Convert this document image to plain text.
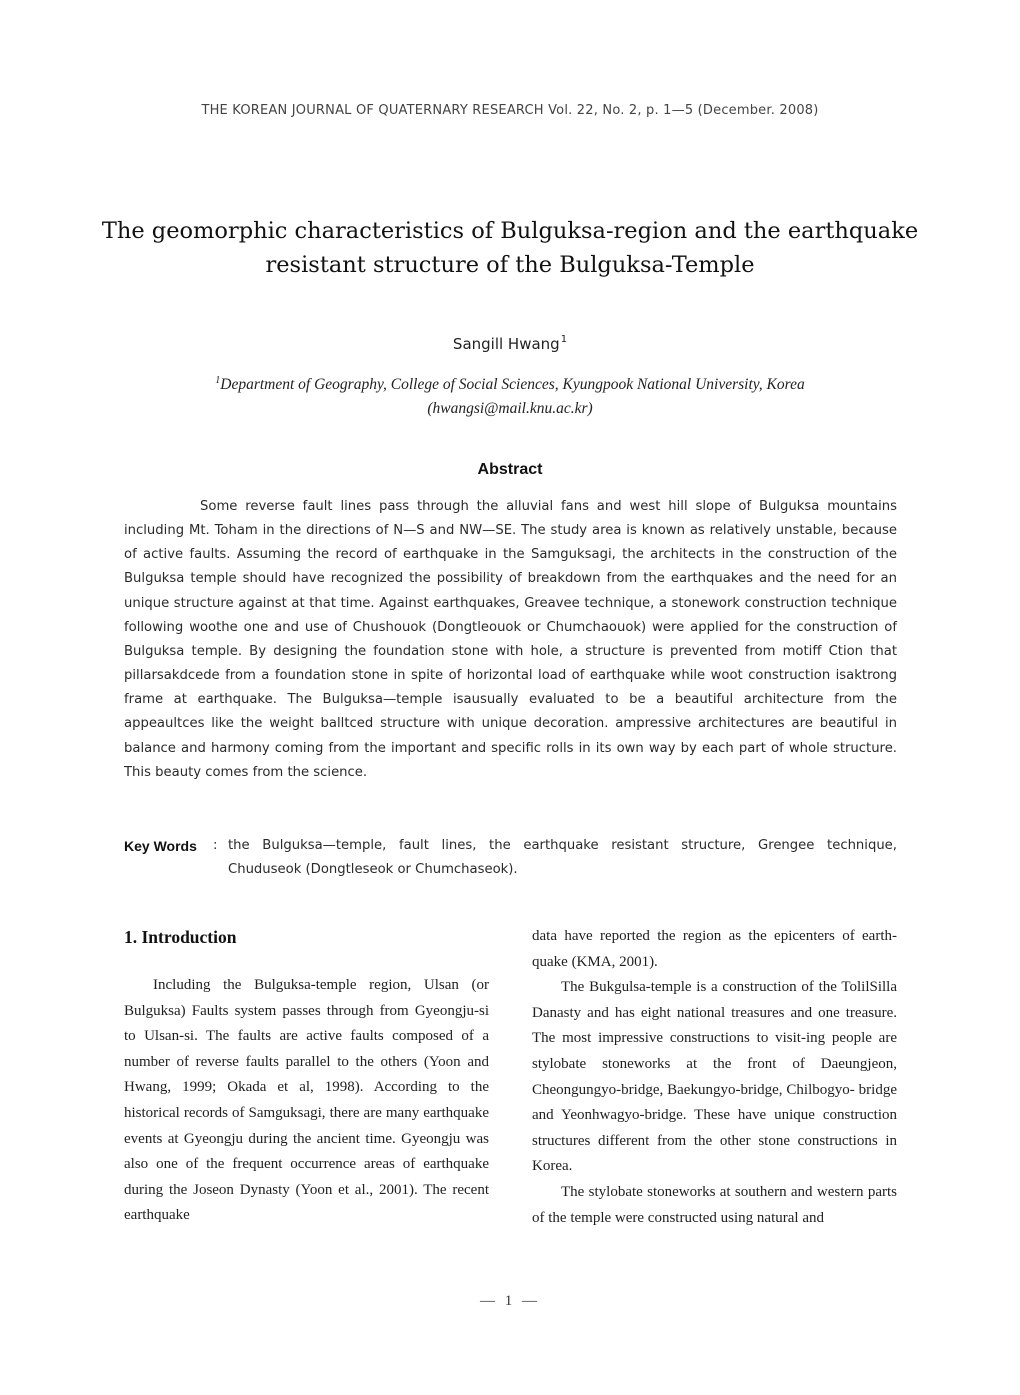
THE KOREAN JOURNAL OF QUATERNARY RESEARCH Vol. 22, No. 2, p. 1—5 (December. 2008)
The geomorphic characteristics of Bulguksa-region and the earthquake resistant structure of the Bulguksa-Temple
Sangill Hwang$^1$
$^1$Department of Geography, College of Social Sciences, Kyungpook National University, Korea
(hwangsi@mail.knu.ac.kr)
Abstract

Some reverse fault lines pass through the alluvial fans and west hill slope of Bulguksa mountains including Mt. Toham in the directions of N—S and NW—SE. The study area is known as relatively unstable, because of active faults. Assuming the record of earthquake in the Samguksagi, the architects in the construction of the Bulguksa temple should have recognized the possibility of breakdown from the earthquakes and the need for an unique structure against at that time. Against earthquakes, Greavee technique, a stonework construction technique following woothe one and use of Chushouok (Dongtleouok or Chumchaouok) were applied for the construction of Bulguksa temple. By designing the foundation stone with hole, a structure is prevented from motiff Ction that pillarsakdcede from a foundation stone in spite of horizontal load of earthquake while woot construction isaktrong frame at earthquake. The Bulguksa—temple isausually evaluated to be a beautiful architecture from the appeaultces like the weight balltced structure with unique decoration. ampressive architectures are beautiful in balance and harmony coming from the important and specific rolls in its own way by each part of whole structure. This beauty comes from the science.

Key Words	: the Bulguksa—temple, fault lines, the earthquake resistant structure, Grengee technique, Chuduseok (Dongtleseok or Chumchaseok).
1. Introduction

Including the Bulguksa-temple region, Ulsan (or Bulguksa) Faults system passes through from Gyeongju-si to Ulsan-si. The faults are active faults composed of a number of reverse faults parallel to the others (Yoon and Hwang, 1999; Okada et al, 1998). According to the historical records of Samguksagi, there are many earthquake events at Gyeongju during the ancient time. Gyeongju was also one of the frequent occurrence areas of earthquake during the Joseon Dynasty (Yoon et al., 2001). The recent earthquake

data have reported the region as the epicenters of earth-quake (KMA, 2001).

The Bukgulsa-temple is a construction of the TolilSilla Danasty and has eight national treasures and one treasure. The most impressive constructions to visit-ing people are stylobate stoneworks at the front of Daeungjeon, Cheongungyo-bridge, Baekungyo-bridge, Chilbogyo- bridge and Yeonhwagyo-bridge. These have unique construction structures different from the other stone constructions in Korea.

The stylobate stoneworks at southern and western parts of the temple were constructed using natural and

— 1 —
